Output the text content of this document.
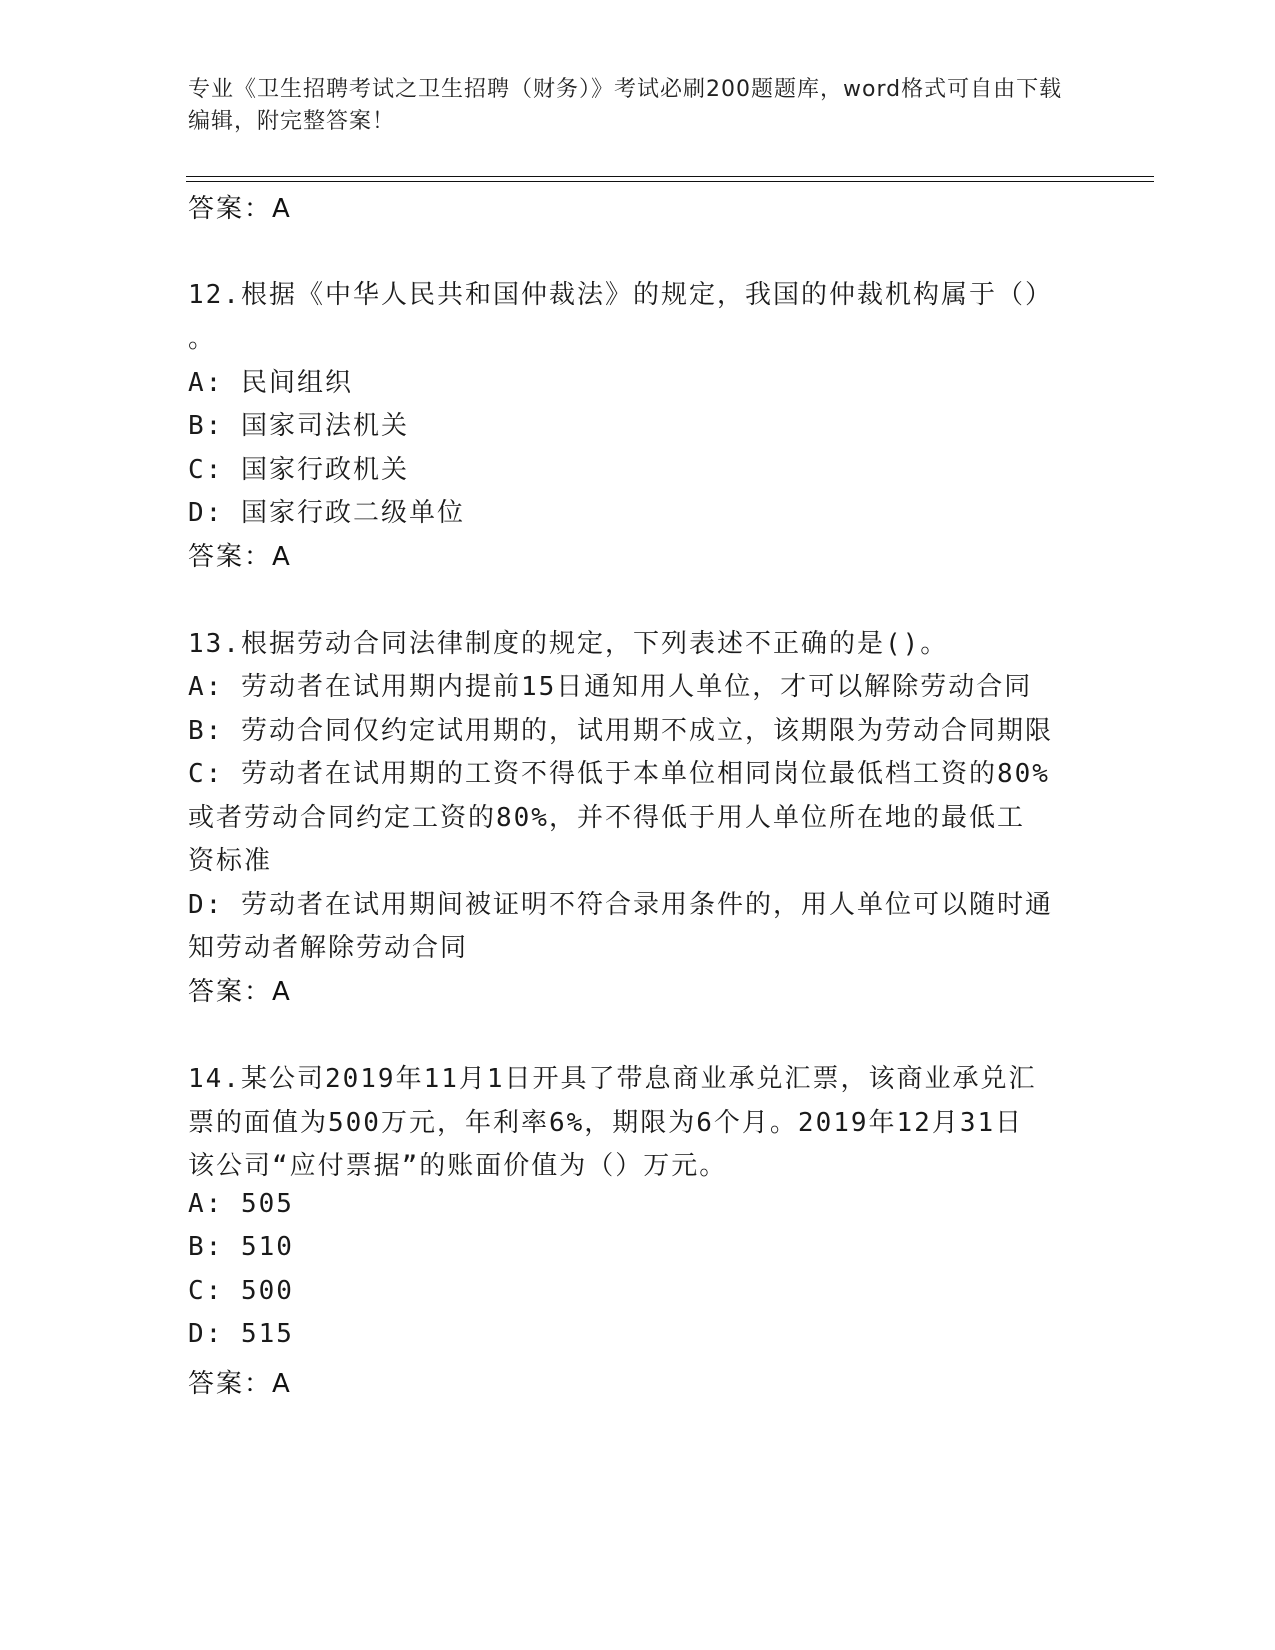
专业《卫生招聘考试之卫生招聘（财务）》考试必刷200题题库，word格式可自由下载编辑，附完整答案！
答案：A
12.根据《中华人民共和国仲裁法》的规定，我国的仲裁机构属于（）
。
A: 民间组织
B: 国家司法机关
C: 国家行政机关
D: 国家行政二级单位
答案：A
13.根据劳动合同法律制度的规定，下列表述不正确的是()。
A: 劳动者在试用期内提前15日通知用人单位，才可以解除劳动合同
B: 劳动合同仅约定试用期的，试用期不成立，该期限为劳动合同期限
C: 劳动者在试用期的工资不得低于本单位相同岗位最低档工资的80%
或者劳动合同约定工资的80%，并不得低于用人单位所在地的最低工
资标准
D: 劳动者在试用期间被证明不符合录用条件的，用人单位可以随时通
知劳动者解除劳动合同
答案：A
14.某公司2019年11月1日开具了带息商业承兑汇票，该商业承兑汇
票的面值为500万元，年利率6%，期限为6个月。2019年12月31日
该公司“应付票据”的账面价值为（）万元。
A: 505
B: 510
C: 500
D: 515
答案：A
